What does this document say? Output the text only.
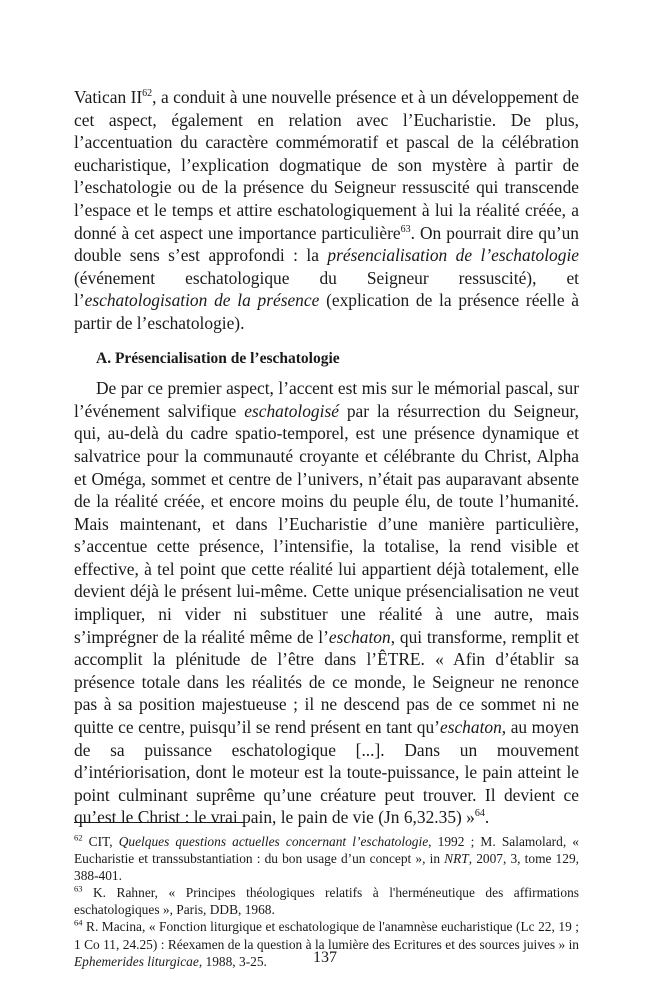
Vatican II$^{62}$, a conduit à une nouvelle présence et à un développement de cet aspect, également en relation avec l’Eucharistie. De plus, l’accentuation du caractère commémoratif et pascal de la célébration eucharistique, l’explication dogmatique de son mystère à partir de l’eschatologie ou de la présence du Seigneur ressuscité qui transcende l’espace et le temps et attire eschatologiquement à lui la réalité créée, a donné à cet aspect une importance particulière$^{63}$. On pourrait dire qu’un double sens s’est approfondi : la présencialisation de l’eschatologie (événement eschatologique du Seigneur ressuscité), et l’eschatologisation de la présence (explication de la présence réelle à partir de l’eschatologie).

A. Présencialisation de l’eschatologie

De par ce premier aspect, l’accent est mis sur le mémorial pascal, sur l’événement salvifique eschatologisé par la résurrection du Seigneur, qui, au-delà du cadre spatio-temporel, est une présence dynamique et salvatrice pour la communauté croyante et célébrante du Christ, Alpha et Oméga, sommet et centre de l’univers, n’était pas auparavant absente de la réalité créée, et encore moins du peuple élu, de toute l’humanité. Mais maintenant, et dans l’Eucharistie d’une manière particulière, s’accentue cette présence, l’intensifie, la totalise, la rend visible et effective, à tel point que cette réalité lui appartient déjà totalement, elle devient déjà le présent lui-même. Cette unique présencialisation ne veut impliquer, ni vider ni substituer une réalité à une autre, mais s’imprégner de la réalité même de l’eschaton, qui transforme, remplit et accomplit la plénitude de l’être dans l’ÊTRE. « Afin d’établir sa présence totale dans les réalités de ce monde, le Seigneur ne renonce pas à sa position majestueuse ; il ne descend pas de ce sommet ni ne quitte ce centre, puisqu’il se rend présent en tant qu’eschaton, au moyen de sa puissance eschatologique [...]. Dans un mouvement d’intériorisation, dont le moteur est la toute-puissance, le pain atteint le point culminant suprême qu’une créature peut trouver. Il devient ce qu’est le Christ : le vrai pain, le pain de vie (Jn 6,32.35) »$^{64}$.

$^{62}$ CIT, Quelques questions actuelles concernant l’eschatologie, 1992 ; M. Salamolard, « Eucharistie et transsubstantiation : du bon usage d’un concept », in NRT, 2007, 3, tome 129, 388-401.

$^{63}$ K. Rahner, « Principes théologiques relatifs à l'herméneutique des affirmations eschatologiques », Paris, DDB, 1968.

$^{64}$ R. Macina, « Fonction liturgique et eschatologique de l'anamnèse eucharistique (Lc 22, 19 ; 1 Co 11, 24.25) : Réexamen de la question à la lumière des Ecritures et des sources juives » in Ephemerides liturgicae, 1988, 3-25.	137
